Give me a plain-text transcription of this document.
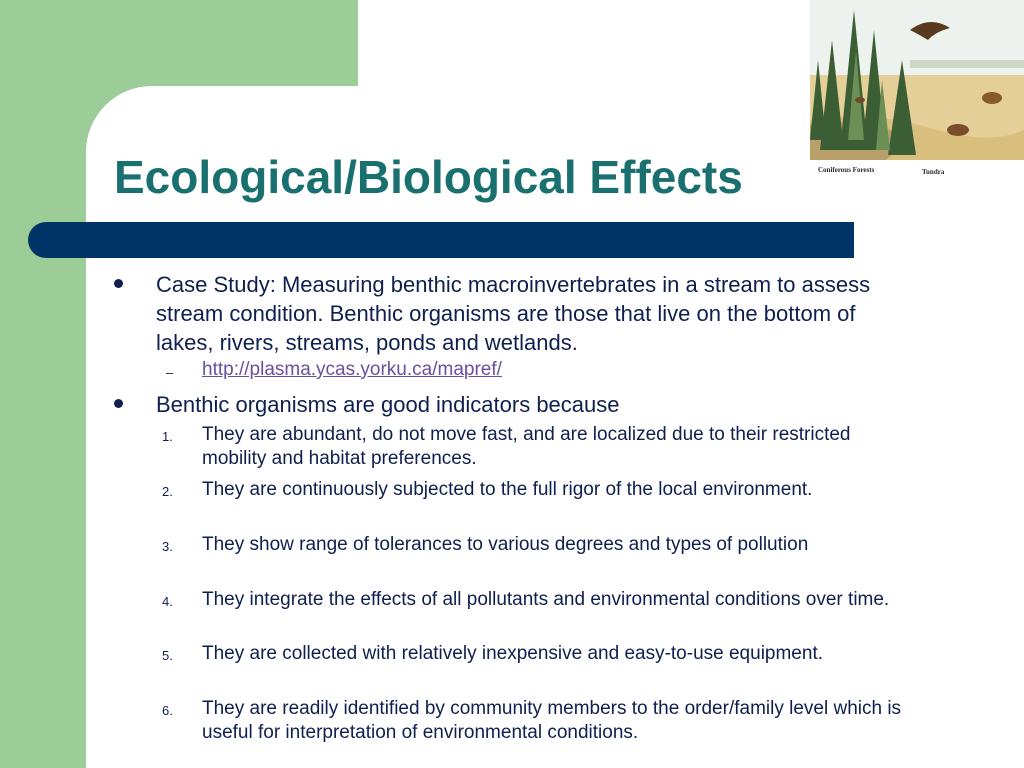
Coniferous Forests	Tundra
Ecological/Biological Effects
Case Study: Measuring benthic macroinvertebrates in a stream to assess stream condition. Benthic organisms are those that live on the bottom of lakes, rivers, streams, ponds and wetlands.
– http://plasma.ycas.yorku.ca/mapref/
Benthic organisms are good indicators because
1.	They are abundant, do not move fast, and are localized due to their restricted mobility and habitat preferences.
2.	They are continuously subjected to the full rigor of the local environment.
3.	They show range of tolerances to various degrees and types of pollution
4.	They integrate the effects of all pollutants and environmental conditions over time.
5.	They are collected with relatively inexpensive and easy-to-use equipment.
6.	They are readily identified by community members to the order/family level which is useful for interpretation of environmental conditions.
